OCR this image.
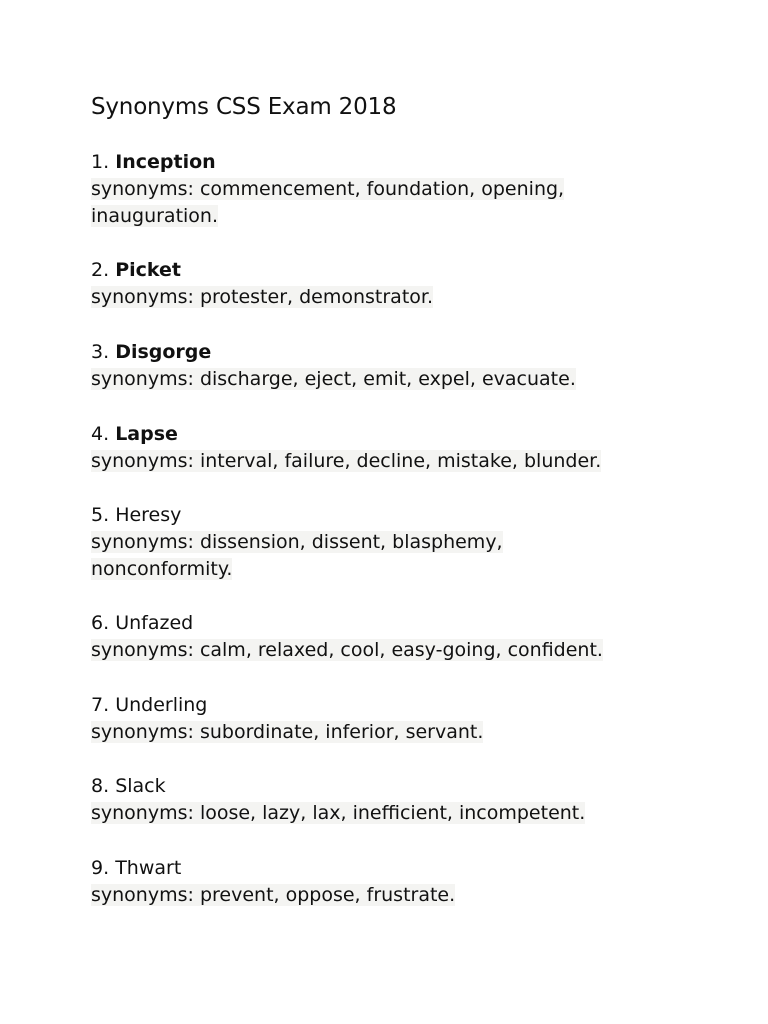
Synonyms CSS Exam 2018
1. Inception
synonyms: commencement, foundation, opening,
inauguration.
2. Picket
synonyms: protester, demonstrator.
3. Disgorge
synonyms: discharge, eject, emit, expel, evacuate.
4. Lapse
synonyms: interval, failure, decline, mistake, blunder.
5. Heresy
synonyms: dissension, dissent, blasphemy,
nonconformity.
6. Unfazed
synonyms: calm, relaxed, cool, easy-going, confident.
7. Underling
synonyms: subordinate, inferior, servant.
8. Slack
synonyms: loose, lazy, lax, inefficient, incompetent.
9. Thwart
synonyms: prevent, oppose, frustrate.
